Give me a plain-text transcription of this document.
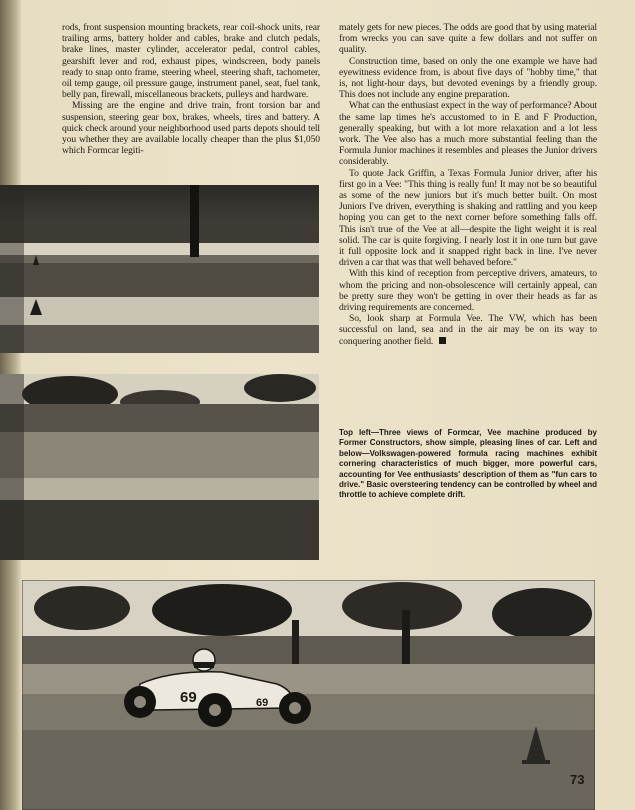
rods, front suspension mounting brackets, rear coil-shock units, rear trailing arms, battery holder and cables, brake and clutch pedals, brake lines, master cylinder, accelerator pedal, control cables, gearshift lever and rod, exhaust pipes, windscreen, body panels ready to snap onto frame, steering wheel, steering shaft, tachometer, oil temp gauge, oil pressure gauge, instrument panel, seat, fuel tank, belly pan, firewall, miscellaneous brackets, pulleys and hardware.

Missing are the engine and drive train, front torsion bar and suspension, steering gear box, brakes, wheels, tires and battery. A quick check around your neighborhood used parts depots should tell you whether they are available locally cheaper than the plus $1,050 which Formcar legiti-

mately gets for new pieces. The odds are good that by using material from wrecks you can save quite a few dollars and not suffer on quality.

Construction time, based on only the one example we have had eyewitness evidence from, is about five days of "hobby time," that is, not light-hour days, but devoted evenings by a friendly group. This does not include any engine preparation.

What can the enthusiast expect in the way of performance? About the same lap times he's accustomed to in E and F Production, generally speaking, but with a lot more relaxation and a lot less work. The Vee also has a much more substantial feeling than the Formula Junior machines it resembles and pleases the Junior drivers considerably.

To quote Jack Griffin, a Texas Formula Junior driver, after his first go in a Vee: "This thing is really fun! It may not be so beautiful as some of the new juniors but it's much better built. On most Juniors I've driven, everything is shaking and rattling and you keep hoping you can get to the next corner before something falls off. This isn't true of the Vee at all—despite the light weight it is real solid. The car is quite forgiving. I nearly lost it in one turn but gave it full opposite lock and it snapped right back in line. I've never driven a car that was that well behaved before."

With this kind of reception from perceptive drivers, amateurs, to whom the pricing and non-obsolescence will certainly appeal, can be pretty sure they won't be getting in over their heads as far as driving requirements are concerned.

So, look sharp at Formula Vee. The VW, which has been successful on land, sea and in the air may be on its way to conquering another field.

69	69
Top left—Three views of Formcar, Vee machine produced by Former Constructors, show simple, pleasing lines of car. Left and below—Volkswagen-powered formula racing machines exhibit cornering characteristics of much bigger, more powerful cars, accounting for Vee enthusiasts' description of them as "fun cars to drive." Basic oversteering tendency can be controlled by wheel and throttle to achieve complete drift.
73
